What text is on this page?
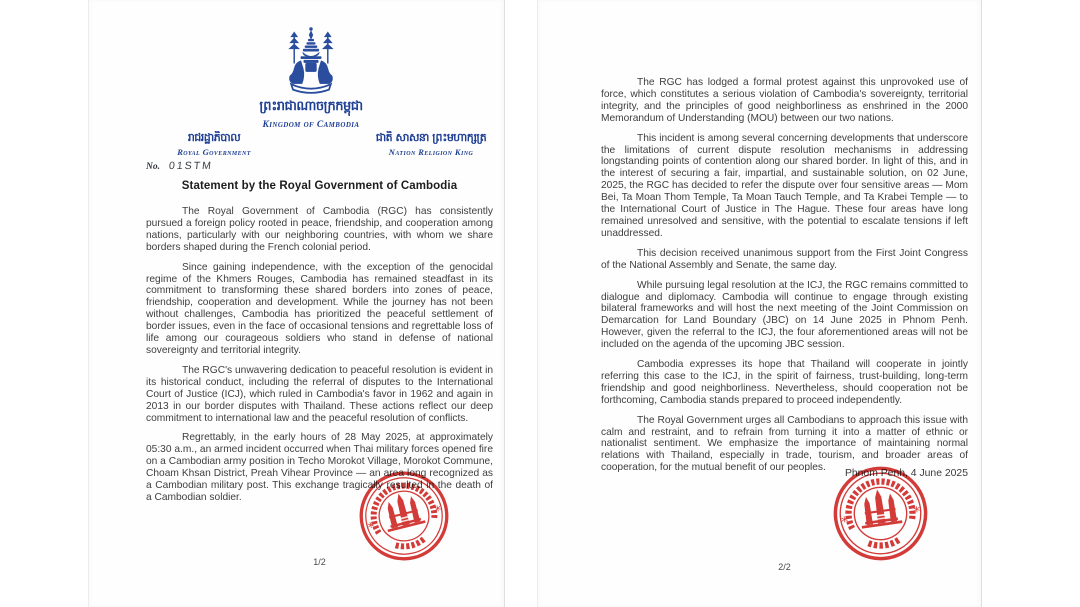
ព្រះរាជាណាចក្រកម្ពុជា
Kingdom of Cambodia
រាជរដ្ឋាភិបាល
Royal Government
No. 01STM
ជាតិ សាសនា ព្រះមហាក្សត្រ
Nation Religion King
Statement by the Royal Government of Cambodia

The Royal Government of Cambodia (RGC) has consistently pursued a foreign policy rooted in peace, friendship, and cooperation among nations, particularly with our neighboring countries, with whom we share borders shaped during the French colonial period.

Since gaining independence, with the exception of the genocidal regime of the Khmers Rouges, Cambodia has remained steadfast in its commitment to transforming these shared borders into zones of peace, friendship, cooperation and development. While the journey has not been without challenges, Cambodia has prioritized the peaceful settlement of border issues, even in the face of occasional tensions and regrettable loss of life among our courageous soldiers who stand in defense of national sovereignty and territorial integrity.

The RGC's unwavering dedication to peaceful resolution is evident in its historical conduct, including the referral of disputes to the International Court of Justice (ICJ), which ruled in Cambodia's favor in 1962 and again in 2013 in our border disputes with Thailand. These actions reflect our deep commitment to international law and the peaceful resolution of conflicts.

Regrettably, in the early hours of 28 May 2025, at approximately 05:30 a.m., an armed incident occurred when Thai military forces opened fire on a Cambodian army position in Techo Morokot Village, Morokot Commune, Choam Khsan District, Preah Vihear Province — an area long recognized as a Cambodian military post. This exchange tragically resulted in the death of a Cambodian soldier.

1/2
*
*

The RGC has lodged a formal protest against this unprovoked use of force, which constitutes a serious violation of Cambodia's sovereignty, territorial integrity, and the principles of good neighborliness as enshrined in the 2000 Memorandum of Understanding (MOU) between our two nations.

This incident is among several concerning developments that underscore the limitations of current dispute resolution mechanisms in addressing longstanding points of contention along our shared border. In light of this, and in the interest of securing a fair, impartial, and sustainable solution, on 02 June, 2025, the RGC has decided to refer the dispute over four sensitive areas — Mom Bei, Ta Moan Thom Temple, Ta Moan Tauch Temple, and Ta Krabei Temple — to the International Court of Justice in The Hague. These four areas have long remained unresolved and sensitive, with the potential to escalate tensions if left unaddressed.

This decision received unanimous support from the First Joint Congress of the National Assembly and Senate, the same day.

While pursuing legal resolution at the ICJ, the RGC remains committed to dialogue and diplomacy. Cambodia will continue to engage through existing bilateral frameworks and will host the next meeting of the Joint Commission on Demarcation for Land Boundary (JBC) on 14 June 2025 in Phnom Penh. However, given the referral to the ICJ, the four aforementioned areas will not be included on the agenda of the upcoming JBC session.

Cambodia expresses its hope that Thailand will cooperate in jointly referring this case to the ICJ, in the spirit of fairness, trust-building, long-term friendship and good neighborliness. Nevertheless, should cooperation not be forthcoming, Cambodia stands prepared to proceed independently.

The Royal Government urges all Cambodians to approach this issue with calm and restraint, and to refrain from turning it into a matter of ethnic or nationalist sentiment. We emphasize the importance of maintaining normal relations with Thailand, especially in trade, tourism, and broader areas of cooperation, for the mutual benefit of our peoples.

Phnom Penh, 4 June 2025
2/2
*
*
